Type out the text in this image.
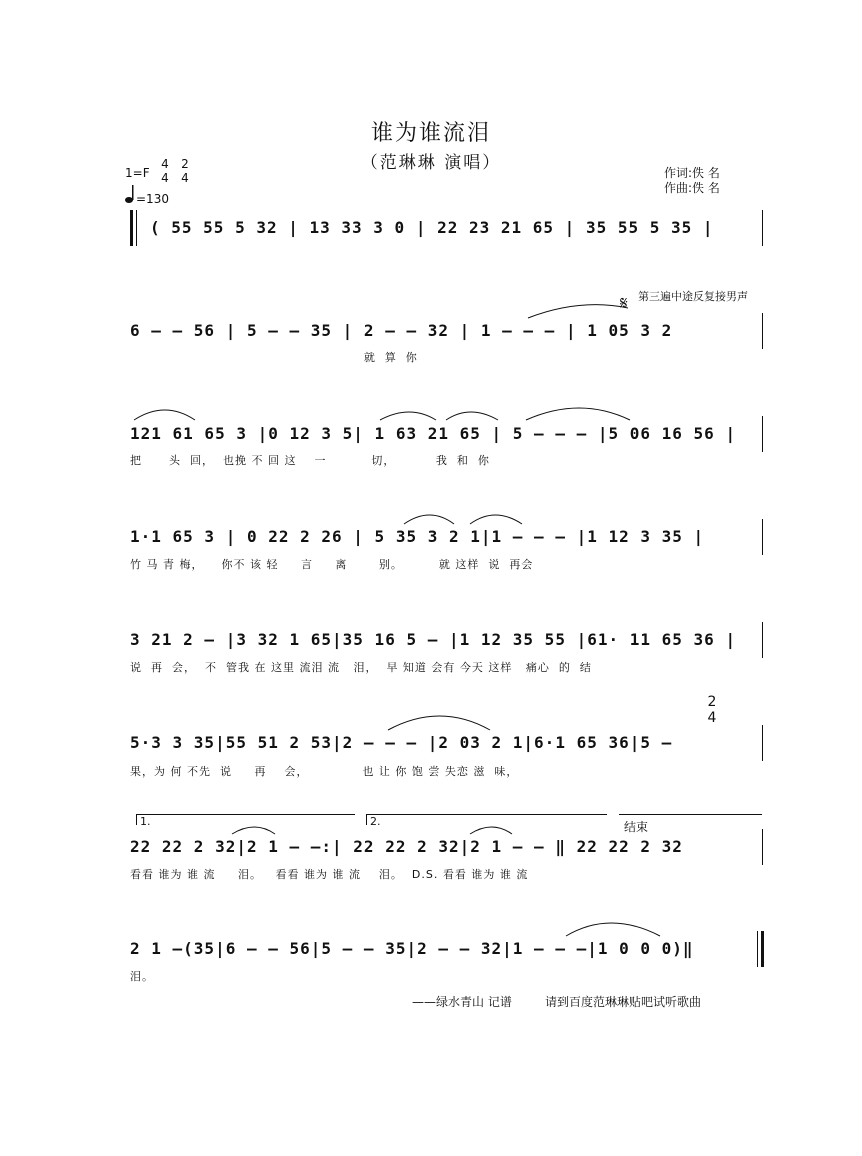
谁为谁流泪
（范琳琳 演唱）
1=F
4
4
2
4
=130
作词:佚 名
作曲:佚 名
( 55 55 5 32 | 13 33 3 0 | 22 23 21 65 | 35 55 5 35 |
6 – – 56 | 5 – – 35 | 2 – – 32 | 1 – – – | 1 05 3 2
就  算  你
121 61 65 3 |0 12 3 5| 1 63 21 65 | 5 – – – |5 06 16 56 |
把      头  回，  也挽 不 回 这    一          切，         我  和  你
1·1 65 3 | 0 22 2 26 | 5 35 3 2 1|1 – – – |1 12 3 35 |
竹 马 青 梅，    你不 该 轻     言     离       别。        就 这样  说  再会
3 21 2 – |3 32 1 65|35 16 5 – |1 12 35 55 |61· 11 65 36 |
说  再  会，  不  管我 在 这里 流泪 流   泪，  早 知道 会有 今天 这样   痛心  的  结
5·3 3 35|55 51 2 53|2 – – – |2 03 2 1|6·1 65 36|5 –
果，为 何 不先  说     再    会，            也 让 你 饱 尝 失恋 滋  味，
22 22 2 32|2 1 – –:| 22 22 2 32|2 1 – – ‖ 22 22 2 32
看看 谁为 谁 流     泪。   看看 谁为 谁 流    泪。  D.S. 看看 谁为 谁 流
2 1 –(35|6 – – 56|5 – – 35|2 – – 32|1 – – –|1 0 0 0)‖
泪。
𝄋 第三遍中途反复接男声
2
4
1.	2.	结束
——绿水青山 记谱	请到百度范琳琳贴吧试听歌曲
